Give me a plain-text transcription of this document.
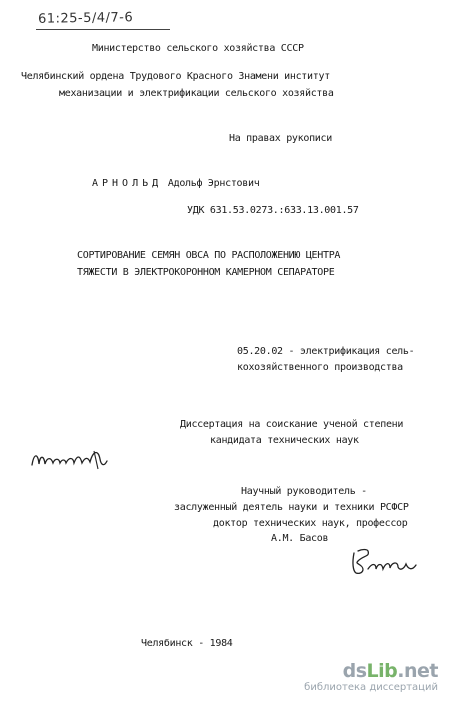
61:25-5/4/7-6
Министерство сельского хозяйства СССР
Челябинский ордена Трудового Красного Знамени институт
механизации и электрификации сельского хозяйства
На правах рукописи
АРНОЛЬД Адольф Эрнстович
УДК 631.53.0273.:633.13.001.57
СОРТИРОВАНИЕ СЕМЯН ОВСА ПО РАСПОЛОЖЕНИЮ ЦЕНТРА
ТЯЖЕСТИ В ЭЛЕКТРОКОРОННОМ КАМЕРНОМ СЕПАРАТОРЕ
05.20.02 - электрификация сель-
кохозяйственного производства
Диссертация на соискание ученой степени
кандидата технических наук
Научный руководитель -
заслуженный деятель науки и техники РСФСР
доктор технических наук, профессор
А.М. Басов
Челябинск - 1984
dsLib.net
библиотека диссертаций
